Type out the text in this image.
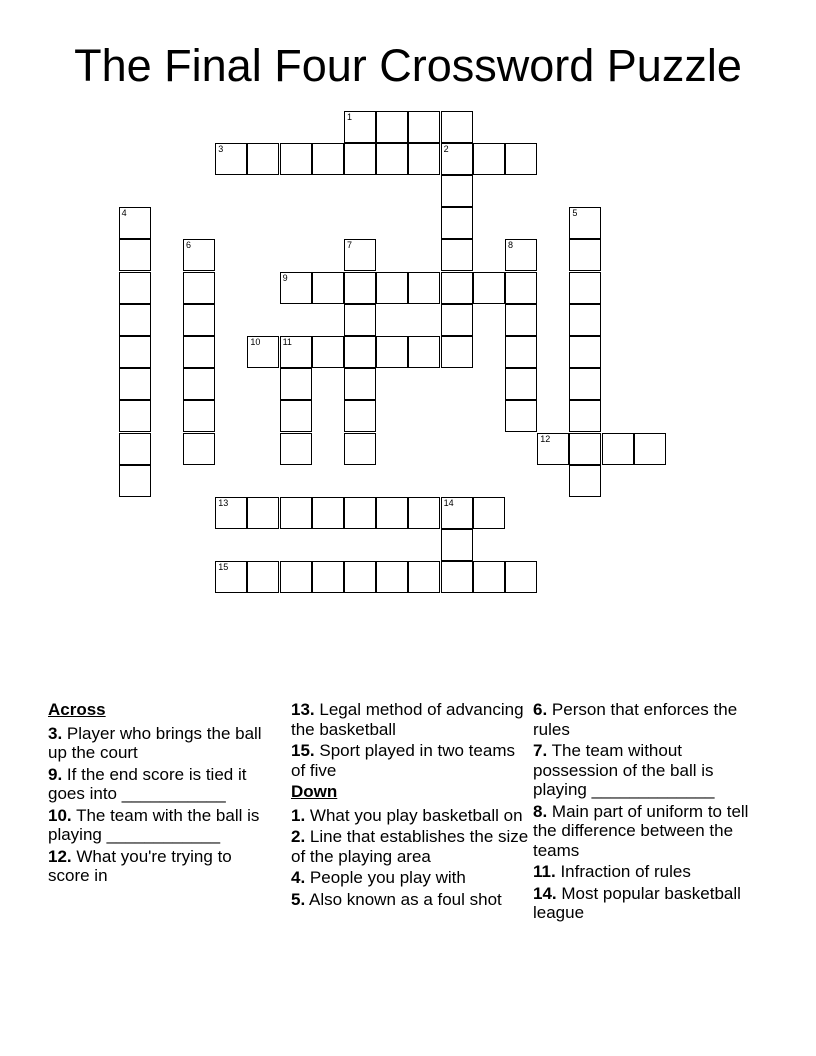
The Final Four Crossword Puzzle
1
3	2
4	5
6	7	8
9
10 11
12
13	14
15
Across
3. Player who brings the ball up the court
9. If the end score is tied it goes into ___________
10. The team with the ball is playing ____________
12. What you're trying to score in
13. Legal method of advancing the basketball
15. Sport played in two teams of five
Down
1. What you play basketball on
2. Line that establishes the size of the playing area
4. People you play with
5. Also known as a foul shot
6. Person that enforces the rules
7. The team without possession of the ball is playing _____________
8. Main part of uniform to tell the difference between the teams
11. Infraction of rules
14. Most popular basketball league
